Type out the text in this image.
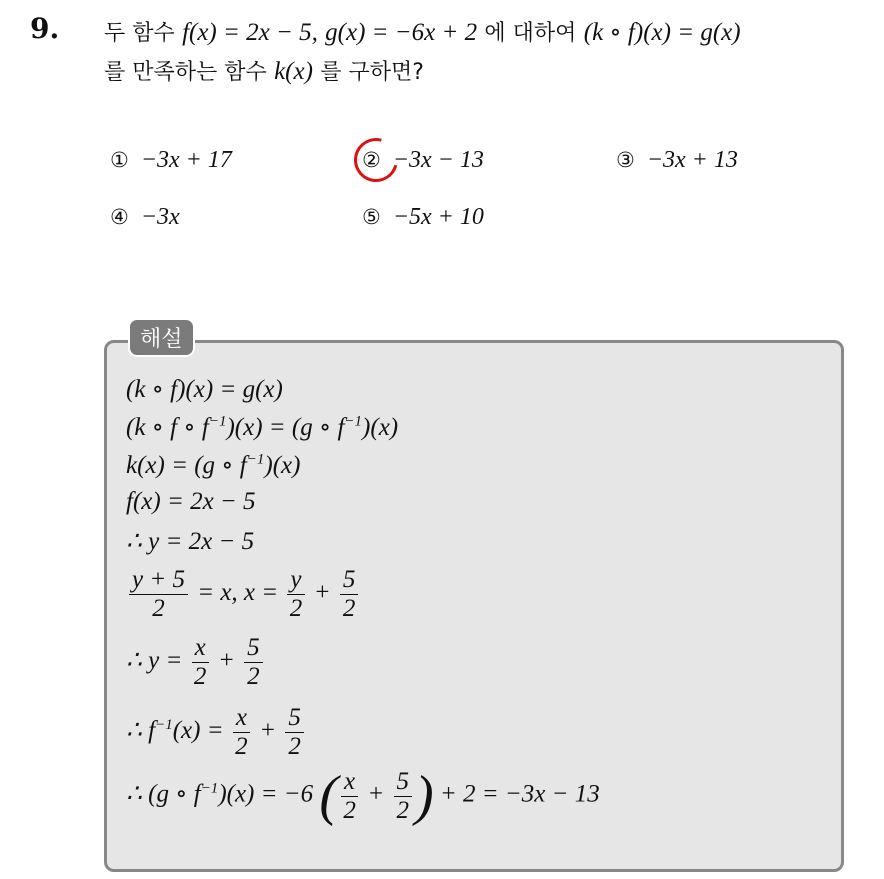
9. 두 함수 f(x) = 2x − 5, g(x) = −6x + 2 에 대하여 (k ∘ f)(x) = g(x)
를 만족하는 함수 k(x) 를 구하면?
① −3x + 17	② −3x − 13	③ −3x + 13
④ −3x	⑤ −5x + 10
해설
(k ∘ f)(x) = g(x)
(k ∘ f ∘ $f^{-1})(x) = (g$ ∘ $f^{-1})(x)$
k(x) = (g ∘ $f^{-1})(x)$
f(x) = 2x − 5
∴ y = 2x − 5
$\frac{y + 5}{2} = x$, $x = \frac{y}{2} + \frac{5}{2}$
∴ $y = \frac{x}{2} + \frac{5}{2}$
∴ $f^{-1}(x) = \frac{x}{2} + \frac{5}{2}$
∴ (g ∘ $f^{-1})(x) = -6$ ( $\frac{x}{2} + \frac{5}{2}$ ) + 2 = −3x − 13
